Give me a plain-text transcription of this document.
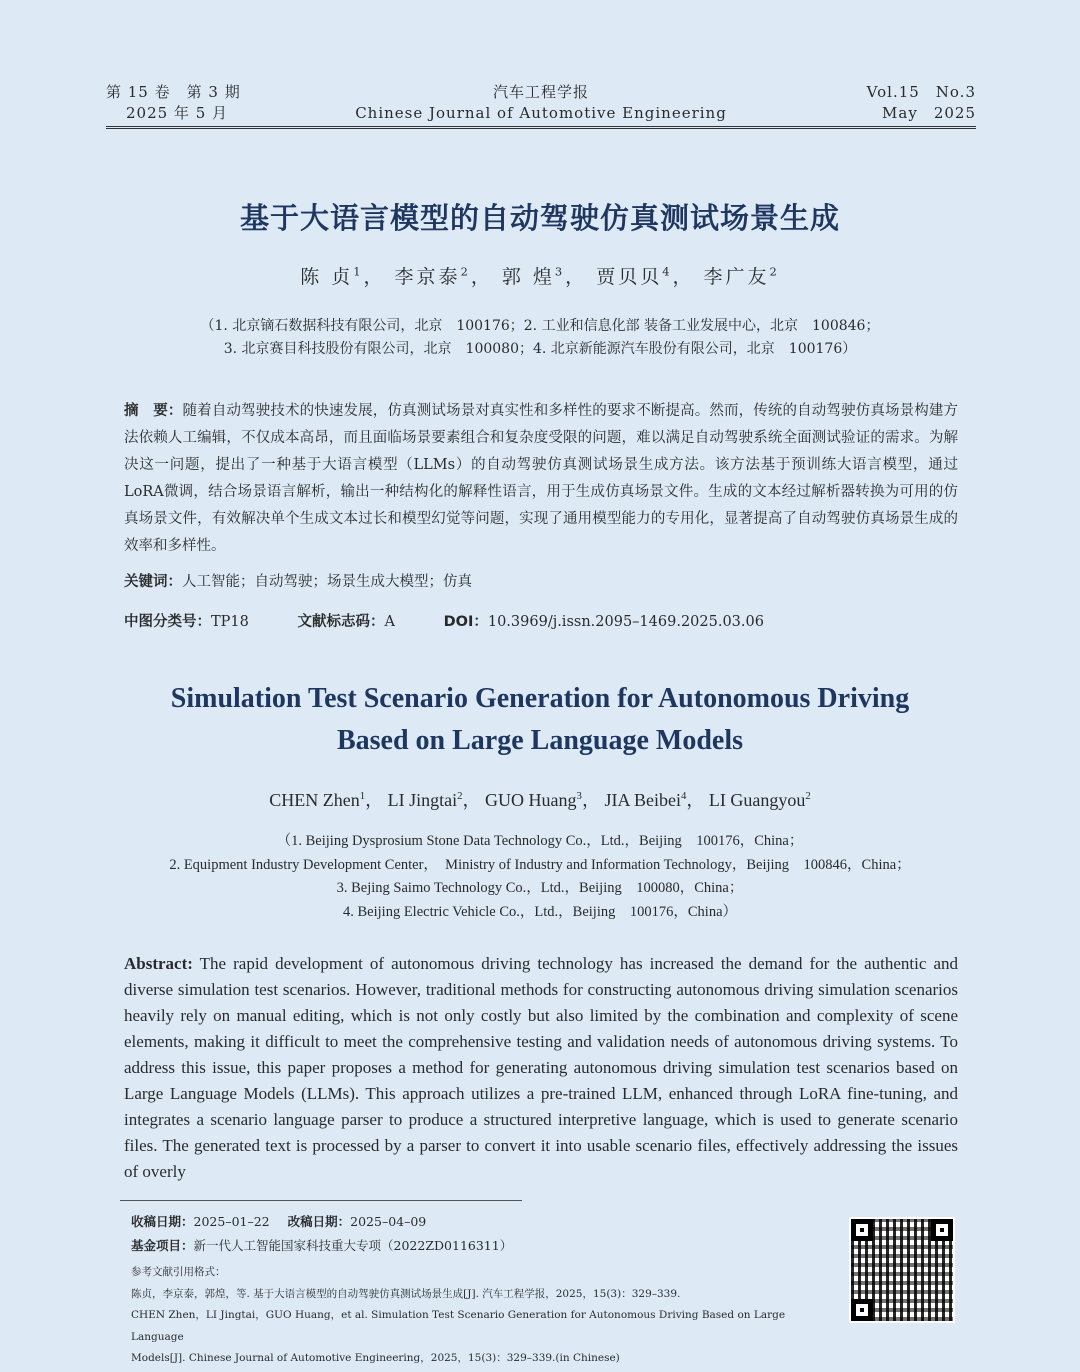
第 15 卷　第 3 期
2025 年 5 月
汽车工程学报
Chinese Journal of Automotive Engineering
Vol.15　No.3
May　2025
基于大语言模型的自动驾驶仿真测试场景生成
陈 贞$^1$， 李京泰$^2$， 郭 煌$^3$， 贾贝贝$^4$， 李广友$^2$
（1. 北京镝石数据科技有限公司，北京　100176；2. 工业和信息化部 装备工业发展中心，北京　100846；
3. 北京赛目科技股份有限公司，北京　100080；4. 北京新能源汽车股份有限公司，北京　100176）
摘　要：随着自动驾驶技术的快速发展，仿真测试场景对真实性和多样性的要求不断提高。然而，传统的自动驾驶仿真场景构建方法依赖人工编辑，不仅成本高昂，而且面临场景要素组合和复杂度受限的问题，难以满足自动驾驶系统全面测试验证的需求。为解决这一问题，提出了一种基于大语言模型（LLMs）的自动驾驶仿真测试场景生成方法。该方法基于预训练大语言模型，通过LoRA微调，结合场景语言解析，输出一种结构化的解释性语言，用于生成仿真场景文件。生成的文本经过解析器转换为可用的仿真场景文件，有效解决单个生成文本过长和模型幻觉等问题，实现了通用模型能力的专用化，显著提高了自动驾驶仿真场景生成的效率和多样性。
关键词：人工智能；自动驾驶；场景生成大模型；仿真
中图分类号：TP18	文献标志码：A	DOI：10.3969/j.issn.2095–1469.2025.03.06
Simulation Test Scenario Generation for Autonomous Driving
Based on Large Language Models
CHEN Zhen$^1$， LI Jingtai$^2$， GUO Huang$^3$， JIA Beibei$^4$， LI Guangyou$^2$
（1. Beijing Dysprosium Stone Data Technology Co.，Ltd.，Beijing　100176，China；
2. Equipment Industry Development Center，　Ministry of Industry and Information Technology，Beijing　100846，China；
3. Bejing Saimo Technology Co.，Ltd.，Beijing　100080，China；
4. Beijing Electric Vehicle Co.，Ltd.，Beijing　100176，China）
Abstract: The rapid development of autonomous driving technology has increased the demand for the authentic and diverse simulation test scenarios. However, traditional methods for constructing autonomous driving simulation scenarios heavily rely on manual editing, which is not only costly but also limited by the combination and complexity of scene elements, making it difficult to meet the comprehensive testing and validation needs of autonomous driving systems. To address this issue, this paper proposes a method for generating autonomous driving simulation test scenarios based on Large Language Models (LLMs). This approach utilizes a pre-trained LLM, enhanced through LoRA fine-tuning, and integrates a scenario language parser to produce a structured interpretive language, which is used to generate scenario files. The generated text is processed by a parser to convert it into usable scenario files, effectively addressing the issues of overly
收稿日期：2025–01–22 改稿日期：2025–04–09
基金项目：新一代人工智能国家科技重大专项（2022ZD0116311）
参考文献引用格式：
陈贞，李京泰，郭煌，等. 基于大语言模型的自动驾驶仿真测试场景生成[J]. 汽车工程学报，2025，15(3)：329–339.
CHEN Zhen，LI Jingtai，GUO Huang，et al. Simulation Test Scenario Generation for Autonomous Driving Based on Large Language
Models[J]. Chinese Journal of Automotive Engineering，2025，15(3)：329–339.(in Chinese)
